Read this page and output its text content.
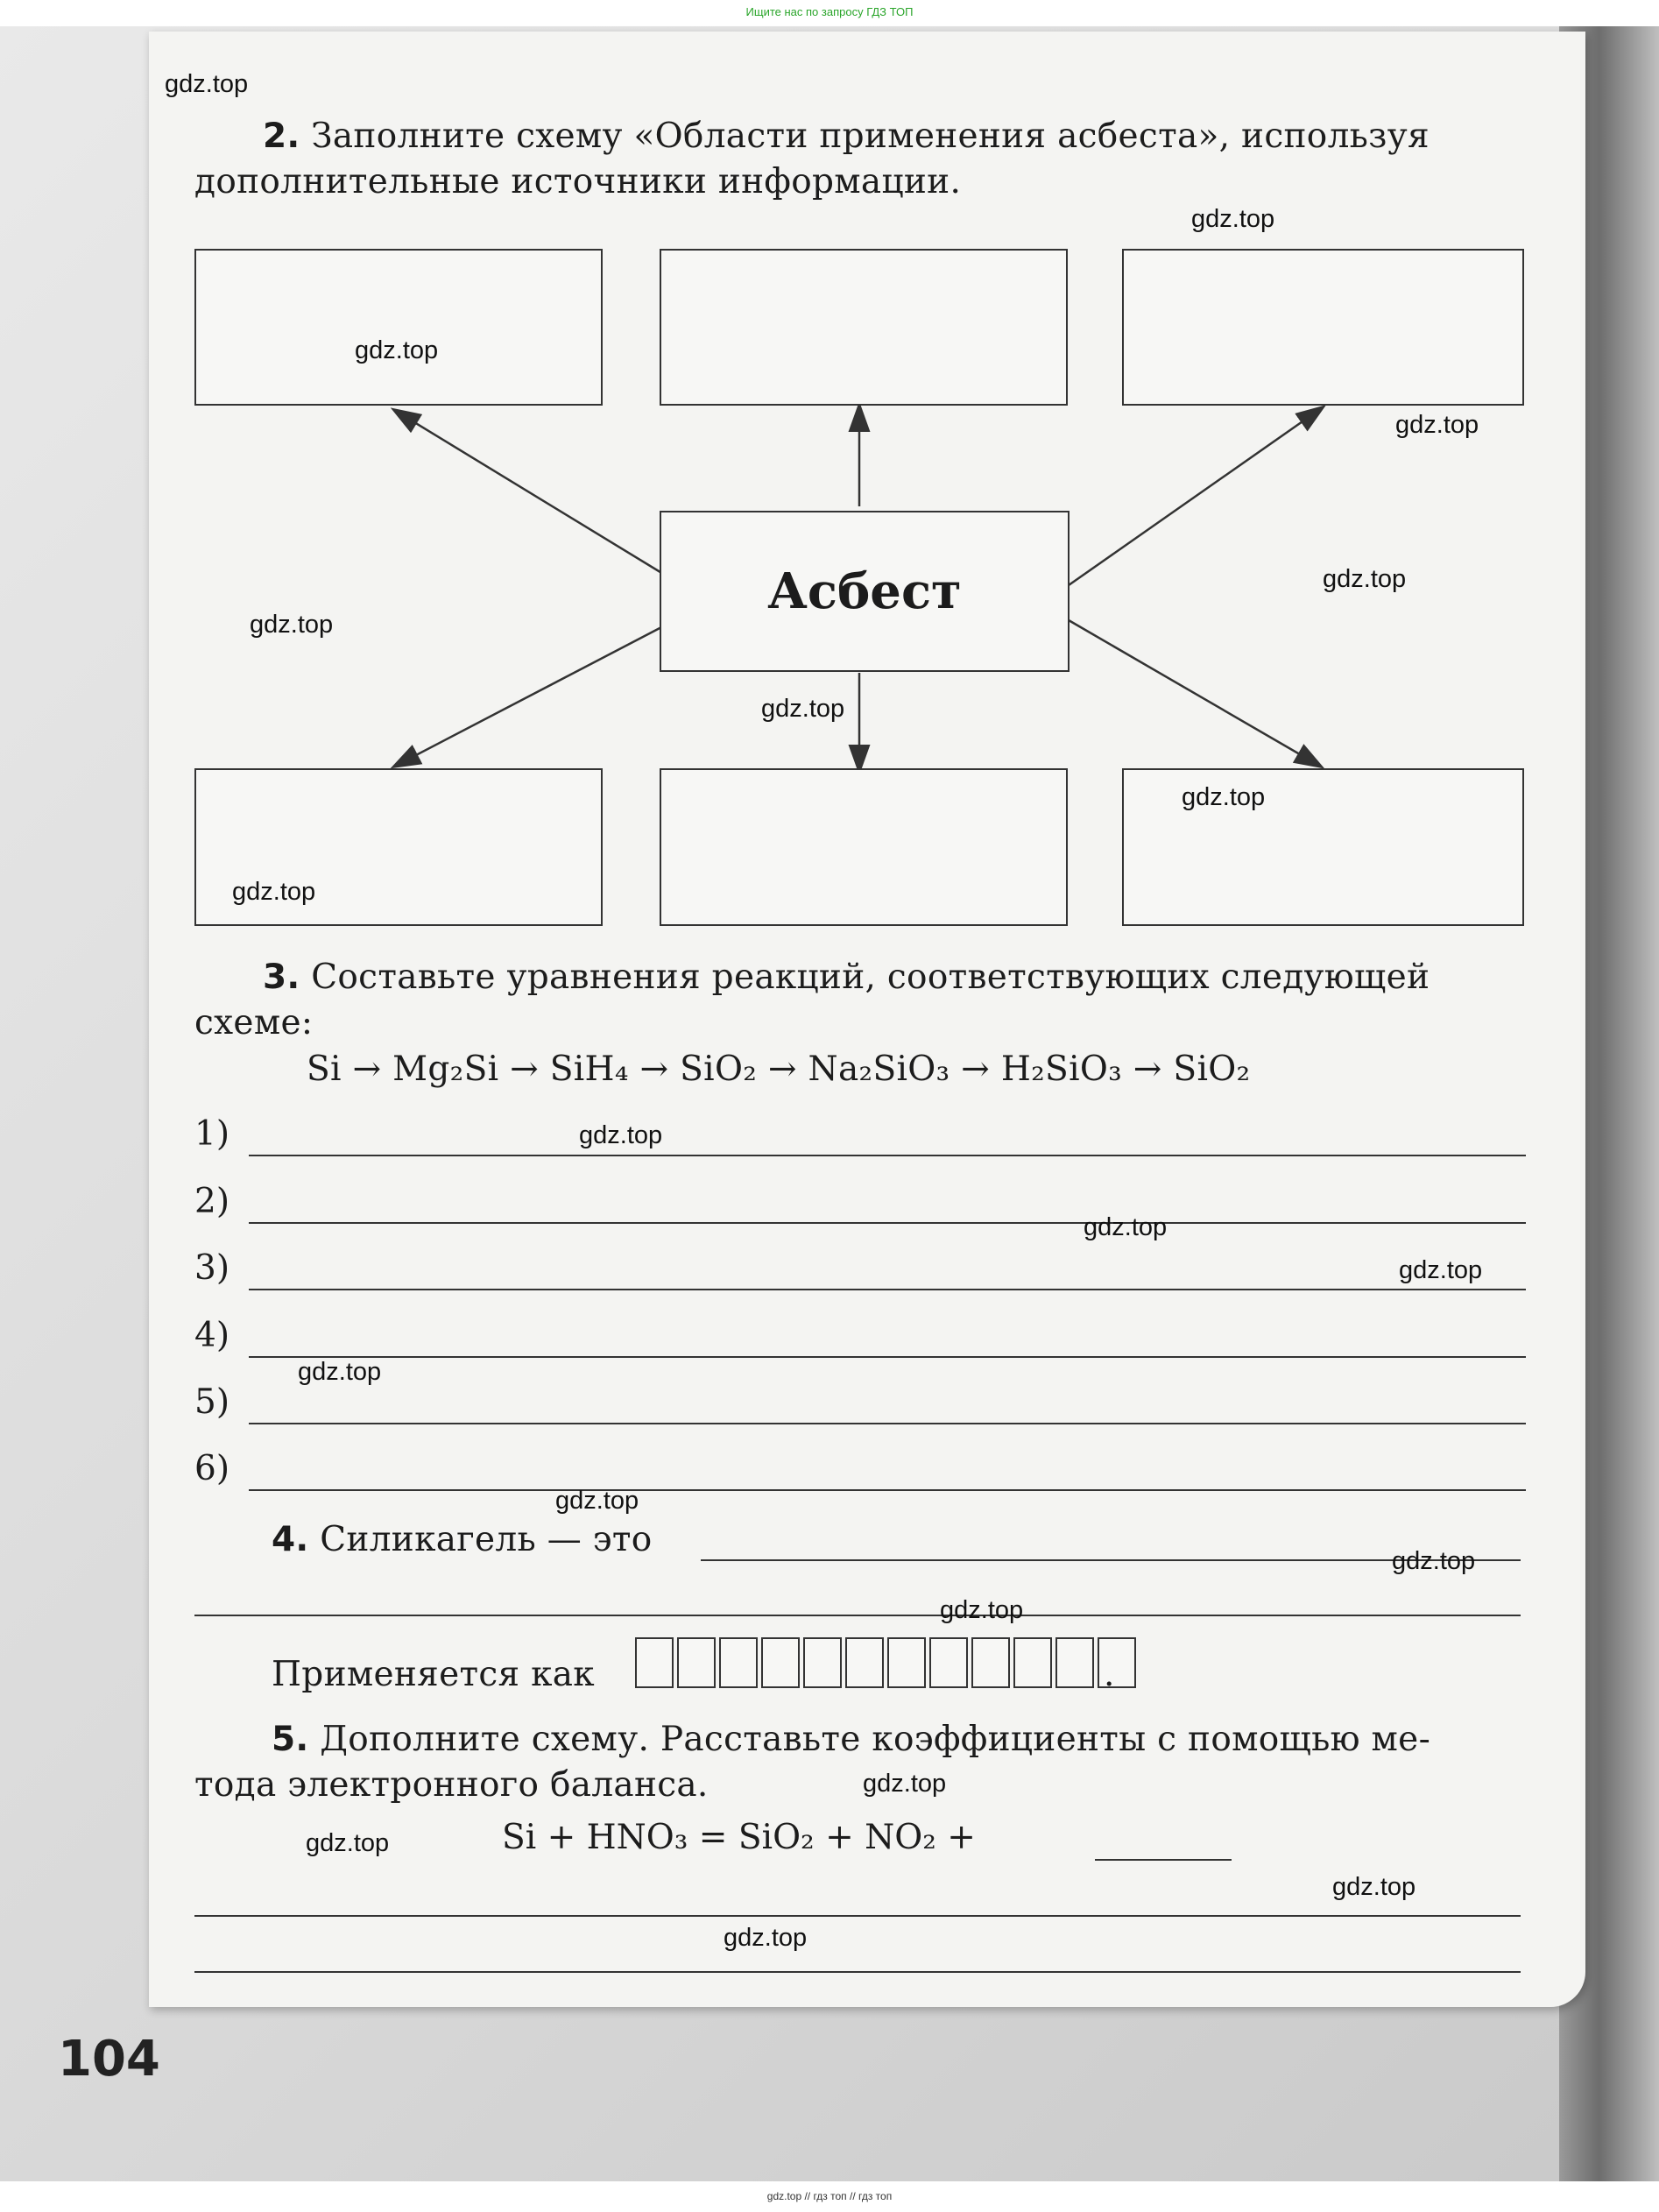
Ищите нас по запросу ГДЗ ТОП
2. Заполните схему «Области применения асбеста», используя
дополнительные источники информации.
Асбест
3. Составьте уравнения реакций, соответствующих следующей
схеме:
Si → Mg₂Si → SiH₄ → SiO₂ → Na₂SiO₃ → H₂SiO₃ → SiO₂
1)
2)
3)
4)
5)
6)
4. Силикагель — это
Применяется как	.
5. Дополните схему. Расставьте коэффициенты с помощью ме-
тода электронного баланса.
Si + HNO₃ = SiO₂ + NO₂ +
104
gdz.top
gdz.top
gdz.top
gdz.top
gdz.top
gdz.top
gdz.top
gdz.top
gdz.top
gdz.top
gdz.top
gdz.top
gdz.top
gdz.top
gdz.top
gdz.top
gdz.top
gdz.top
gdz.top
gdz.top
gdz.top // гдз топ // гдз топ
